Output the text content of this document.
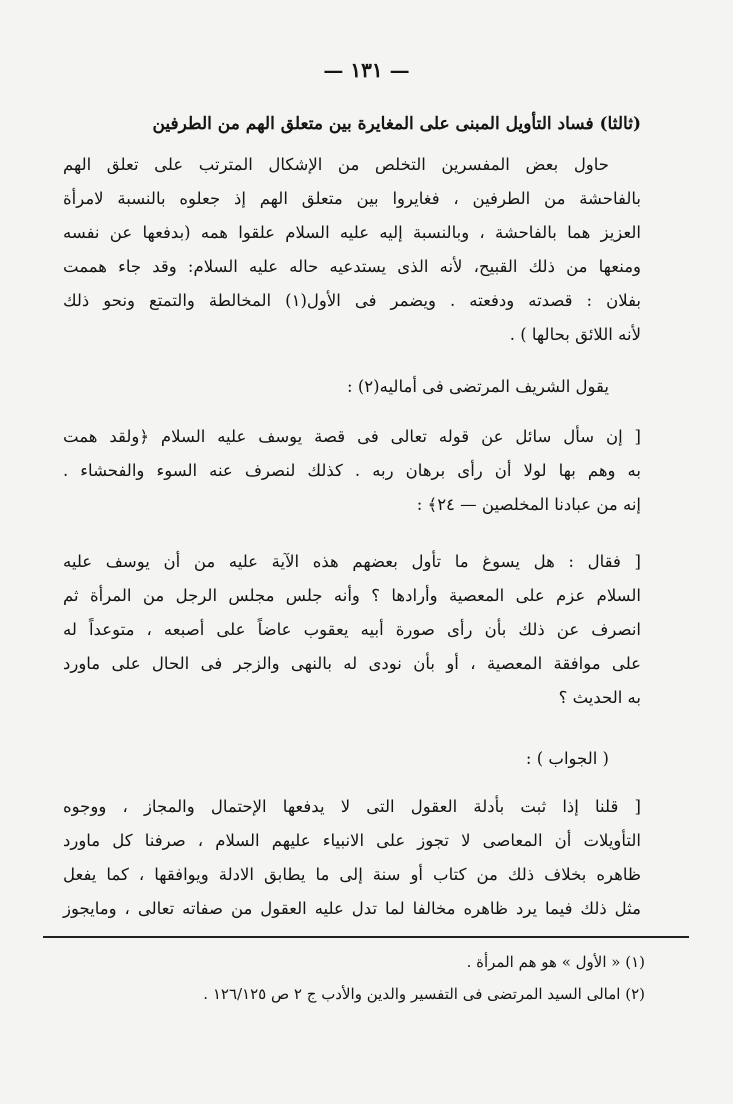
— ١٣١ —
(ثالثا) فساد التأويل المبنى على المغايرة بين متعلق الهم من الطرفين
حاول بعض المفسرين التخلص من الإشكال المترتب على تعلق الهم
بالفاحشة من الطرفين ، فغايروا بين متعلق الهم إذ جعلوه بالنسبة لامرأة
العزيز هما بالفاحشة ، وبالنسبة إليه عليه السلام علقوا همه (بدفعها عن نفسه
ومنعها من ذلك القبيح، لأنه الذى يستدعيه حاله عليه السلام: وقد جاء هممت
بفلان : قصدته ودفعته . ويضمر فى الأول(١) المخالطة والتمتع ونحو ذلك
لأنه اللائق بحالها ) .
يقول الشريف المرتضى فى أماليه(٢) :
[ إن سأل سائل عن قوله تعالى فى قصة يوسف عليه السلام ﴿ولقد همت
به وهم بها لولا أن رأى برهان ربه . كذلك لنصرف عنه السوء والفحشاء .
إنه من عبادنا المخلصين — ٢٤﴾ :
[ فقال : هل يسوغ ما تأول بعضهم هذه الآية عليه من أن يوسف عليه
السلام عزم على المعصية وأرادها ؟ وأنه جلس مجلس الرجل من المرأة ثم
انصرف عن ذلك بأن رأى صورة أبيه يعقوب عاضاً على أصبعه ، متوعداً له
على موافقة المعصية ، أو بأن نودى له بالنهى والزجر فى الحال على ماورد
به الحديث ؟
( الجواب ) :
[ قلنا إذا ثبت بأدلة العقول التى لا يدفعها الإحتمال والمجاز ، ووجوه
التأويلات أن المعاصى لا تجوز على الانبياء عليهم السلام ، صرفنا كل ماورد
ظاهره بخلاف ذلك من كتاب أو سنة إلى ما يطابق الادلة ويوافقها ، كما يفعل
مثل ذلك فيما يرد ظاهره مخالفا لما تدل عليه العقول من صفاته تعالى ، ومايجوز
(١) « الأول » هو هم المرأة .
(٢) امالى السيد المرتضى فى التفسير والدين والأدب ج ٢ ص ١٢٦/١٢٥ .
